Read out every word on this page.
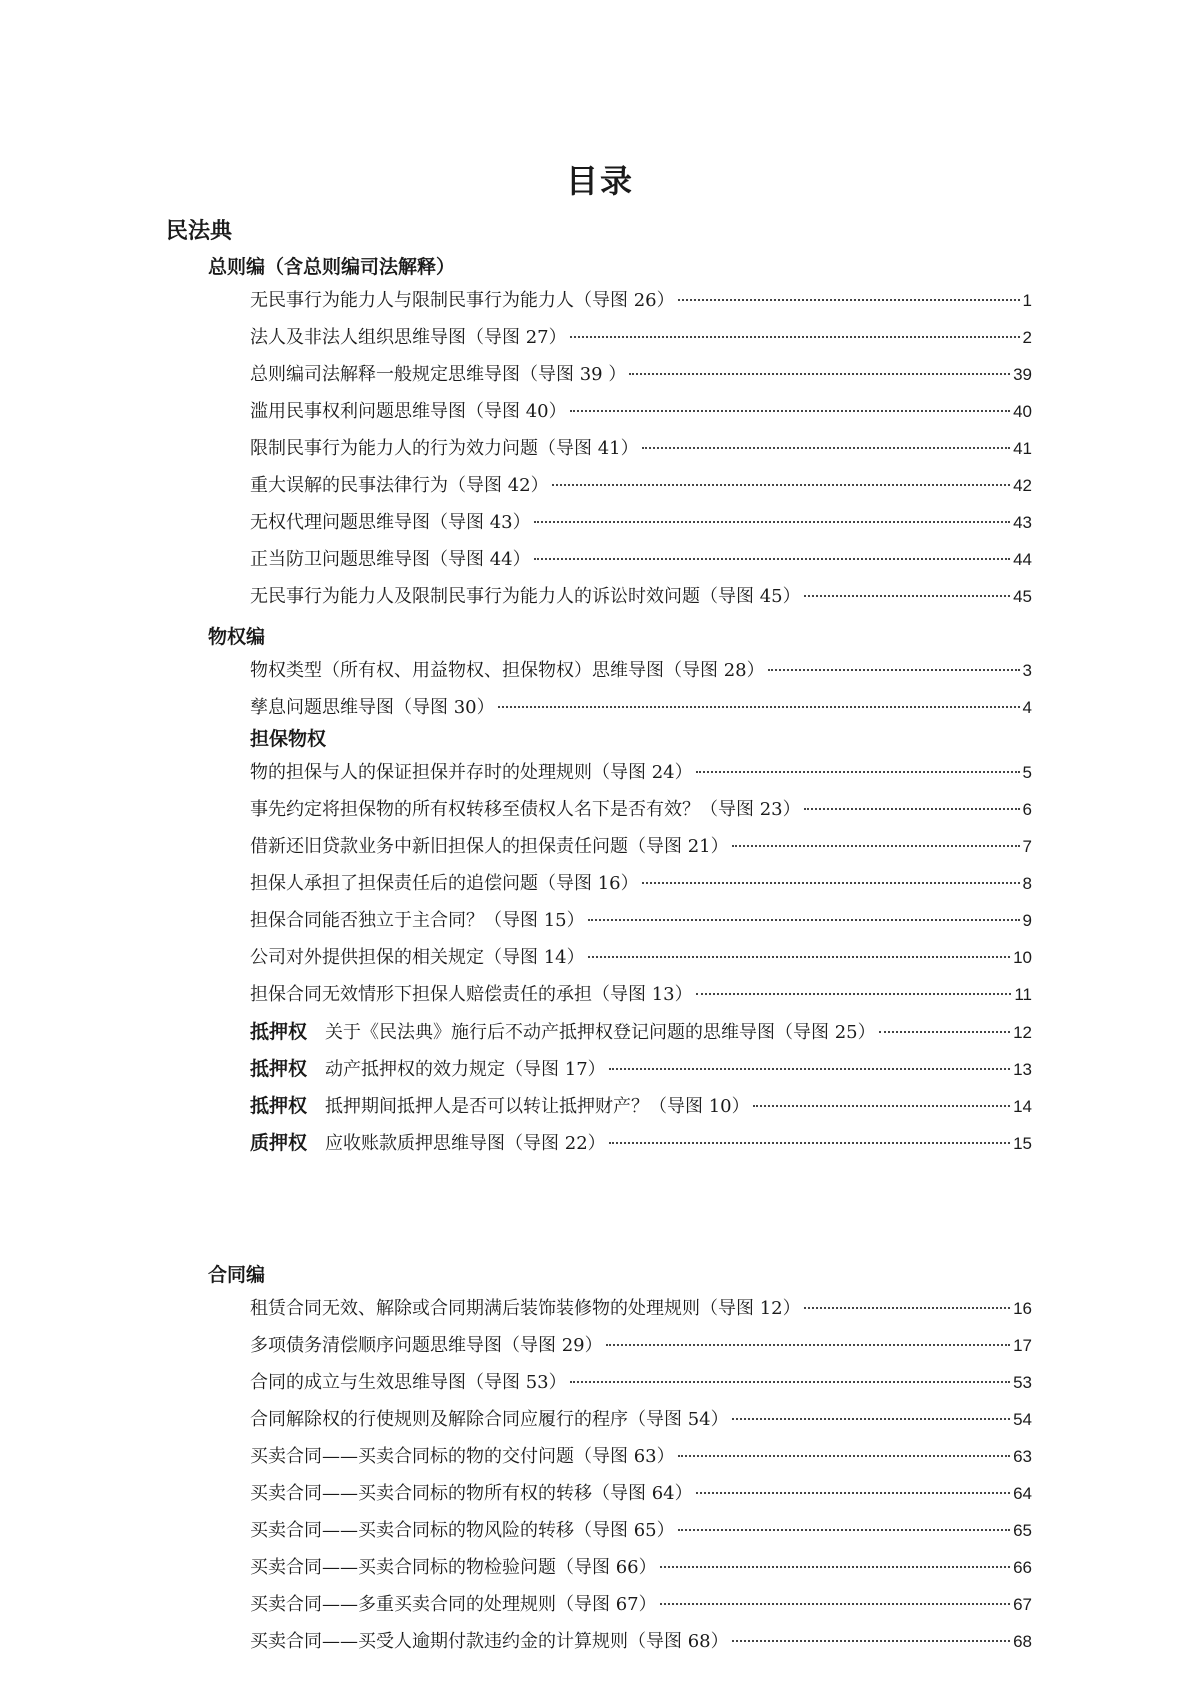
目录
民法典
总则编（含总则编司法解释）
物权编
担保物权
合同编
无民事行为能力人与限制民事行为能力人（导图 26）	1
法人及非法人组织思维导图（导图 27）	2
总则编司法解释一般规定思维导图（导图 39 ）	39
滥用民事权利问题思维导图（导图 40）	40
限制民事行为能力人的行为效力问题（导图 41）	41
重大误解的民事法律行为（导图 42）	42
无权代理问题思维导图（导图 43）	43
正当防卫问题思维导图（导图 44）	44
无民事行为能力人及限制民事行为能力人的诉讼时效问题（导图 45）	45
物权类型（所有权、用益物权、担保物权）思维导图（导图 28）	3
孳息问题思维导图（导图 30）	4
物的担保与人的保证担保并存时的处理规则（导图 24）	5
事先约定将担保物的所有权转移至债权人名下是否有效？（导图 23）	6
借新还旧贷款业务中新旧担保人的担保责任问题（导图 21）	7
担保人承担了担保责任后的追偿问题（导图 16）	8
担保合同能否独立于主合同？（导图 15）	9
公司对外提供担保的相关规定（导图 14）	10
担保合同无效情形下担保人赔偿责任的承担（导图 13）	11
抵押权 关于《民法典》施行后不动产抵押权登记问题的思维导图（导图 25）	12
抵押权 动产抵押权的效力规定（导图 17）	13
抵押权 抵押期间抵押人是否可以转让抵押财产？（导图 10）	14
质押权 应收账款质押思维导图（导图 22）	15
租赁合同无效、解除或合同期满后装饰装修物的处理规则（导图 12）	16
多项债务清偿顺序问题思维导图（导图 29）	17
合同的成立与生效思维导图（导图 53）	53
合同解除权的行使规则及解除合同应履行的程序（导图 54）	54
买卖合同——买卖合同标的物的交付问题（导图 63）	63
买卖合同——买卖合同标的物所有权的转移（导图 64）	64
买卖合同——买卖合同标的物风险的转移（导图 65）	65
买卖合同——买卖合同标的物检验问题（导图 66）	66
买卖合同——多重买卖合同的处理规则（导图 67）	67
买卖合同——买受人逾期付款违约金的计算规则（导图 68）	68
